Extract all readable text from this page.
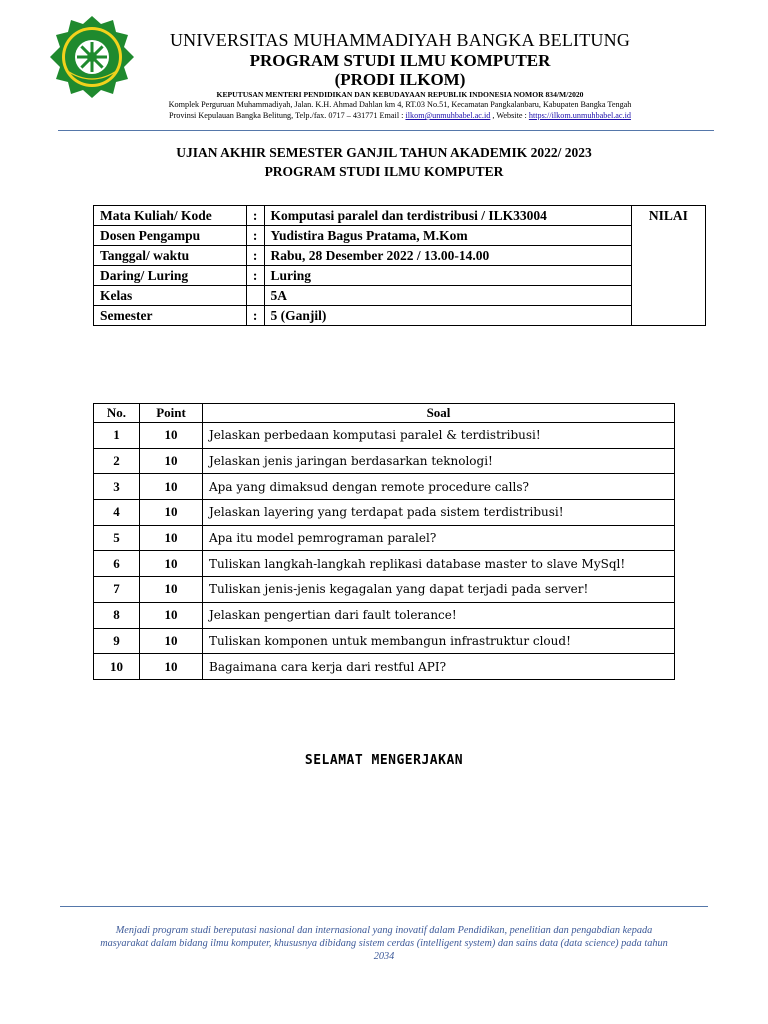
UNIVERSITAS MUHAMMADIYAH BANGKA BELITUNG
PROGRAM STUDI ILMU KOMPUTER
(PRODI ILKOM)
KEPUTUSAN MENTERI PENDIDIKAN DAN KEBUDAYAAN REPUBLIK INDONESIA NOMOR 834/M/2020
Komplek Perguruan Muhammadiyah, Jalan. K.H. Ahmad Dahlan km 4, RT.03 No.51, Kecamatan Pangkalanbaru, Kabupaten Bangka Tengah
Provinsi Kepulauan Bangka Belitung, Telp./fax. 0717 – 431771 Email : ilkom@unmuhbabel.ac.id , Website : https://ilkom.unmuhbabel.ac.id
UJIAN AKHIR SEMESTER GANJIL TAHUN AKADEMIK 2022/ 2023
PROGRAM STUDI ILMU KOMPUTER
Mata Kuliah/ Kode	:	Komputasi paralel dan terdistribusi / ILK33004	NILAI
Dosen Pengampu	:	Yudistira Bagus Pratama, M.Kom	
Tanggal/ waktu	:	Rabu, 28 Desember 2022 / 13.00-14.00	
Daring/ Luring	:	Luring	
Kelas		5A	
Semester	:	5 (Ganjil)	
No.	Point	Soal
1	10	Jelaskan perbedaan komputasi paralel & terdistribusi!
2	10	Jelaskan jenis jaringan berdasarkan teknologi!
3	10	Apa yang dimaksud dengan remote procedure calls?
4	10	Jelaskan layering yang terdapat pada sistem terdistribusi!
5	10	Apa itu model pemrograman paralel?
6	10	Tuliskan langkah-langkah replikasi database master to slave MySql!
7	10	Tuliskan jenis-jenis kegagalan yang dapat terjadi pada server!
8	10	Jelaskan pengertian dari fault tolerance!
9	10	Tuliskan komponen untuk membangun infrastruktur cloud!
10	10	Bagaimana cara kerja dari restful API?
SELAMAT MENGERJAKAN
Menjadi program studi bereputasi nasional dan internasional yang inovatif dalam Pendidikan, penelitian dan pengabdian kepada masyarakat dalam bidang ilmu komputer, khususnya dibidang sistem cerdas (intelligent system) dan sains data (data science) pada tahun 2034
